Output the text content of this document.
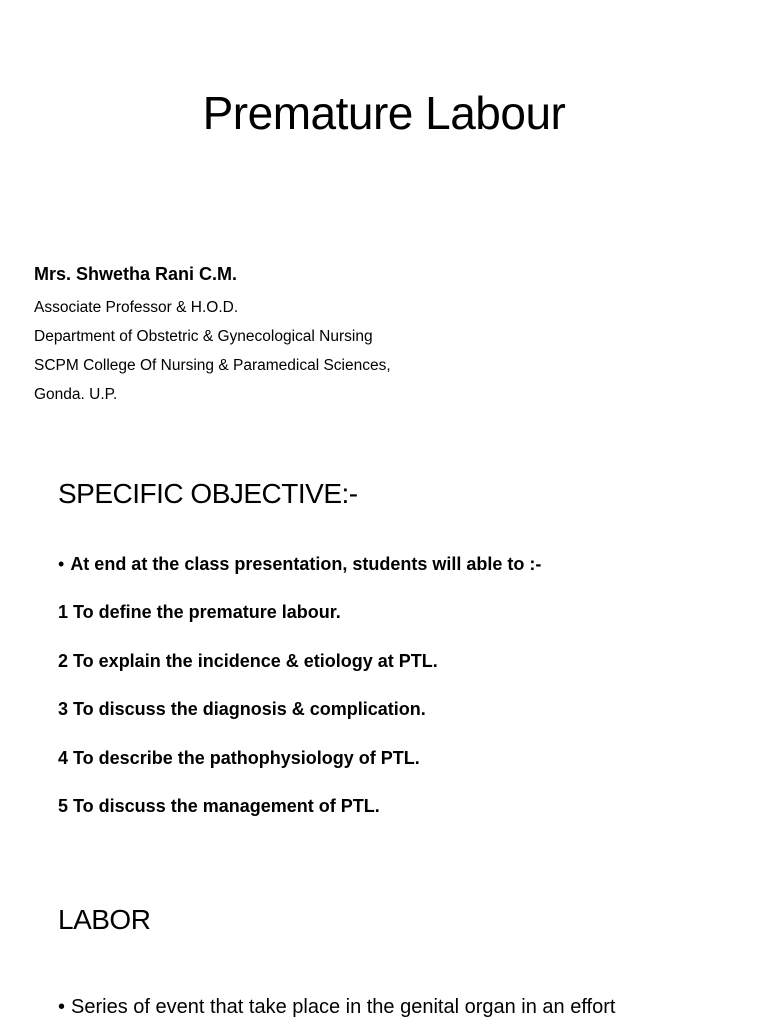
Premature Labour
Mrs. Shwetha Rani C.M.
Associate Professor & H.O.D.
Department of Obstetric & Gynecological Nursing
SCPM College Of Nursing & Paramedical Sciences,
Gonda. U.P.
SPECIFIC OBJECTIVE:-
• At end at the class presentation, students will able to :-
1 To define the premature labour.
2 To explain the incidence & etiology at PTL.
3 To discuss the diagnosis & complication.
4 To describe the pathophysiology of PTL.
5 To discuss the management of PTL.
LABOR
• Series of event that take place in the genital organ in an effort
